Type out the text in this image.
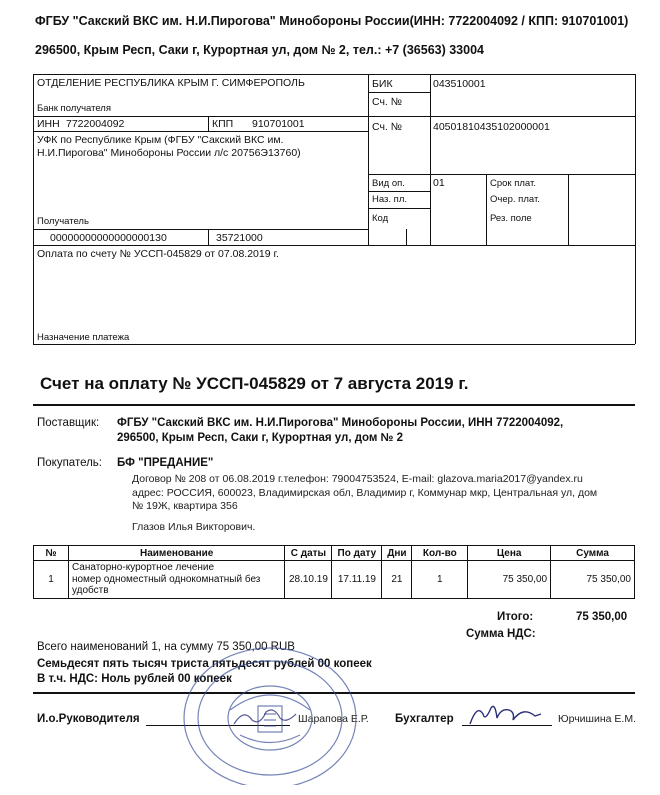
ФГБУ "Сакский ВКС им. Н.И.Пирогова" Минобороны России(ИНН: 7722004092 / КПП: 910701001)
296500, Крым Респ, Саки г, Курортная ул, дом № 2, тел.: +7 (36563) 33004
ОТДЕЛЕНИЕ РЕСПУБЛИКА КРЫМ Г. СИМФЕРОПОЛЬ
Банк получателя
БИК	043510001
Сч. №
ИНН 7722004092	КПП 910701001	Сч. №	40501810435102000001
УФК по Республике Крым (ФГБУ "Сакский ВКС им.
Н.И.Пирогова" Минобороны России л/с 20756Э13760)
Получатель
Вид оп.	01	Срок плат.
Наз. пл.	Очер. плат.
Код	Рез. поле
00000000000000000130	35721000
Оплата по счету № УССП-045829 от 07.08.2019 г.
Назначение платежа
Счет на оплату № УССП-045829 от 7 августа 2019 г.
Поставщик: ФГБУ "Сакский ВКС им. Н.И.Пирогова" Минобороны России, ИНН 7722004092,
296500, Крым Респ, Саки г, Курортная ул, дом № 2
Покупатель: БФ "ПРЕДАНИЕ"
Договор № 208 от 06.08.2019 г.телефон: 79004753524, E-mail: glazova.maria2017@yandex.ru
адрес: РОССИЯ, 600023, Владимирская обл, Владимир г, Коммунар мкр, Центральная ул, дом
№ 19Ж, квартира 356
Глазов Илья Викторович.
№	Наименование	С даты	По дату	Дни	Кол-во	Цена	Сумма
1	Санаторно-курортное лечение
номер одноместный однокомнатный без
удобств	28.10.19	17.11.19	21	1	75 350,00	75 350,00
Итого:	75 350,00
Сумма НДС:
Всего наименований 1, на сумму 75 350,00 RUB
Семьдесят пять тысяч триста пятьдесят рублей 00 копеек
В т.ч. НДС: Ноль рублей 00 копеек
И.о.Руководителя	Шарапова Е.Р. Бухгалтер	Юрчишина Е.М.
